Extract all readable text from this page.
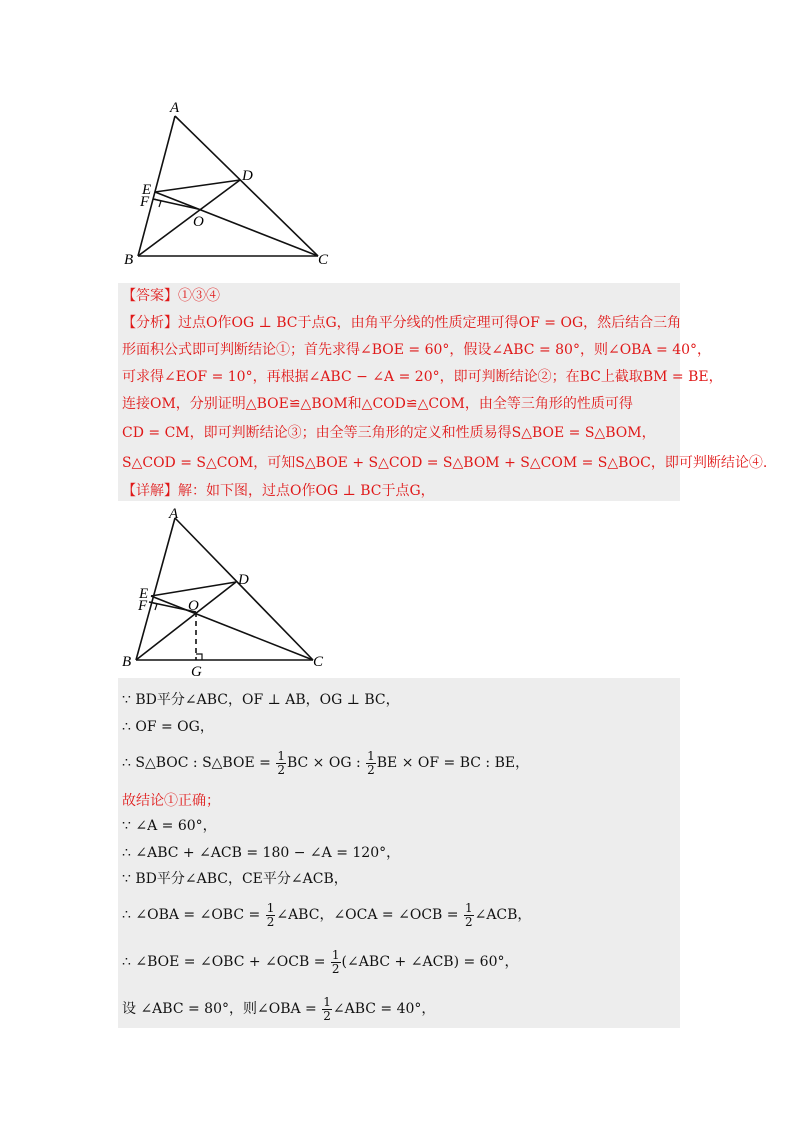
A
D
E
F
O
B	C
【答案】①③④
【分析】过点O作OG ⊥ BC于点G，由角平分线的性质定理可得OF = OG，然后结合三角
形面积公式即可判断结论①；首先求得∠BOE = 60°，假设∠ABC = 80°，则∠OBA = 40°，
可求得∠EOF = 10°，再根据∠ABC − ∠A = 20°，即可判断结论②；在BC上截取BM = BE，
连接OM，分别证明△BOE≌△BOM和△COD≌△COM，由全等三角形的性质可得
CD = CM，即可判断结论③；由全等三角形的定义和性质易得S△BOE = S△BOM，
S△COD = S△COM，可知S△BOE + S△COD = S△BOM + S△COM = S△BOC，即可判断结论④.
【详解】解：如下图，过点O作OG ⊥ BC于点G，
A
D
E
F	O
B	C
G
∵ BD平分∠ABC，OF ⊥ AB，OG ⊥ BC，
∴ OF = OG，
∴ S△BOC : S△BOE = $\frac{1}{2}$ BC × OG : $\frac{1}{2}$ BE × OF = BC : BE，
故结论①正确；
∵ ∠A = 60°，
∴ ∠ABC + ∠ACB = 180 − ∠A = 120°，
∵ BD平分∠ABC，CE平分∠ACB，
∴ ∠OBA = ∠OBC = $\frac{1}{2}$ ∠ABC，∠OCA = ∠OCB = $\frac{1}{2}$ ∠ACB，
∴ ∠BOE = ∠OBC + ∠OCB = $\frac{1}{2}$ (∠ABC + ∠ACB) = 60°，
设 ∠ABC = 80°，则∠OBA = $\frac{1}{2}$ ∠ABC = 40°，
